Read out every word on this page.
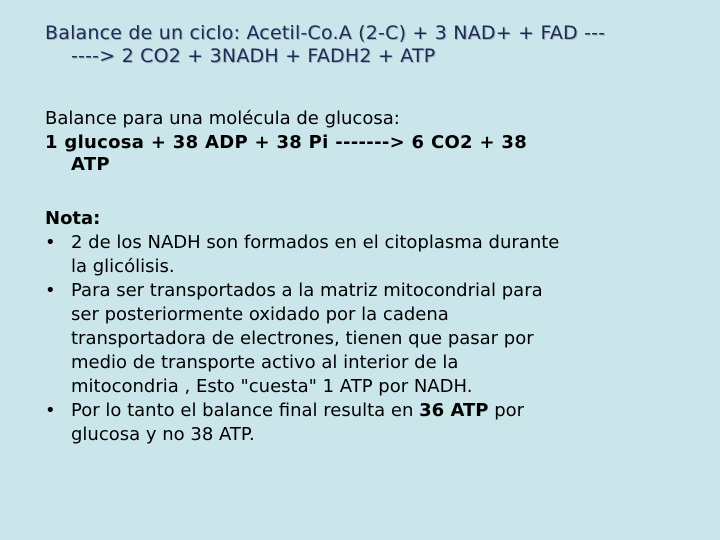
Balance de un ciclo: Acetil-Co.A (2-C) + 3 NAD+ + FAD ---
----> 2 CO2 + 3NADH + FADH2 + ATP
Balance para una molécula de glucosa:
1 glucosa + 38 ADP + 38 Pi -------> 6 CO2 + 38
ATP
Nota:
• 2 de los NADH son formados en el citoplasma durante
la glicólisis.
• Para ser transportados a la matriz mitocondrial para
ser posteriormente oxidado por la cadena
transportadora de electrones, tienen que pasar por
medio de transporte activo al interior de la
mitocondria , Esto "cuesta" 1 ATP por NADH.
• Por lo tanto el balance final resulta en 36 ATP por
glucosa y no 38 ATP.
